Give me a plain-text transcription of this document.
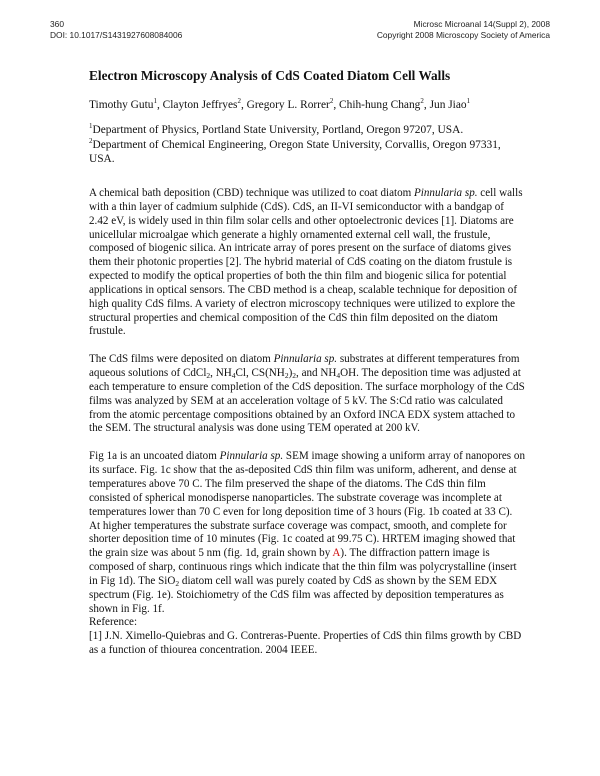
360
DOI: 10.1017/S1431927608084006
Microsc Microanal 14(Suppl 2), 2008
Copyright 2008 Microscopy Society of America
Electron Microscopy Analysis of CdS Coated Diatom Cell Walls
Timothy Gutu$^1$, Clayton Jeffryes$^2$, Gregory L. Rorrer$^2$, Chih-hung Chang$^2$, Jun Jiao$^1$
$^1$Department of Physics, Portland State University, Portland, Oregon 97207, USA.
$^2$Department of Chemical Engineering, Oregon State University, Corvallis, Oregon 97331, USA.

A chemical bath deposition (CBD) technique was utilized to coat diatom Pinnularia sp. cell walls with a thin layer of cadmium sulphide (CdS). CdS, an II-VI semiconductor with a bandgap of 2.42 eV, is widely used in thin film solar cells and other optoelectronic devices [1]. Diatoms are unicellular microalgae which generate a highly ornamented external cell wall, the frustule, composed of biogenic silica. An intricate array of pores present on the surface of diatoms gives them their photonic properties [2]. The hybrid material of CdS coating on the diatom frustule is expected to modify the optical properties of both the thin film and biogenic silica for potential applications in optical sensors. The CBD method is a cheap, scalable technique for deposition of high quality CdS films. A variety of electron microscopy techniques were utilized to explore the structural properties and chemical composition of the CdS thin film deposited on the diatom frustule.

The CdS films were deposited on diatom Pinnularia sp. substrates at different temperatures from aqueous solutions of CdCl$_2$, $NH_4Cl$, $CS(NH_2)_2$, and $NH_4OH$. The deposition time was adjusted at each temperature to ensure completion of the CdS deposition. The surface morphology of the CdS films was analyzed by SEM at an acceleration voltage of 5 kV. The S:Cd ratio was calculated from the atomic percentage compositions obtained by an Oxford INCA EDX system attached to the SEM. The structural analysis was done using TEM operated at 200 kV.

Fig 1a is an uncoated diatom Pinnularia sp. SEM image showing a uniform array of nanopores on its surface. Fig. 1c show that the as-deposited CdS thin film was uniform, adherent, and dense at temperatures above 70 C. The film preserved the shape of the diatoms. The CdS thin film consisted of spherical monodisperse nanoparticles. The substrate coverage was incomplete at temperatures lower than 70 C even for long deposition time of 3 hours (Fig. 1b coated at 33 C). At higher temperatures the substrate surface coverage was compact, smooth, and complete for shorter deposition time of 10 minutes (Fig. 1c coated at 99.75 C). HRTEM imaging showed that the grain size was about 5 nm (fig. 1d, grain shown by A). The diffraction pattern image is composed of sharp, continuous rings which indicate that the thin film was polycrystalline (insert in Fig 1d). The SiO$_2$ diatom cell wall was purely coated by CdS as shown by the SEM EDX spectrum (Fig. 1e). Stoichiometry of the CdS film was affected by deposition temperatures as shown in Fig. 1f.

Reference:

[1] J.N. Ximello-Quiebras and G. Contreras-Puente. Properties of CdS thin films growth by CBD as a function of thiourea concentration. 2004 IEEE.
